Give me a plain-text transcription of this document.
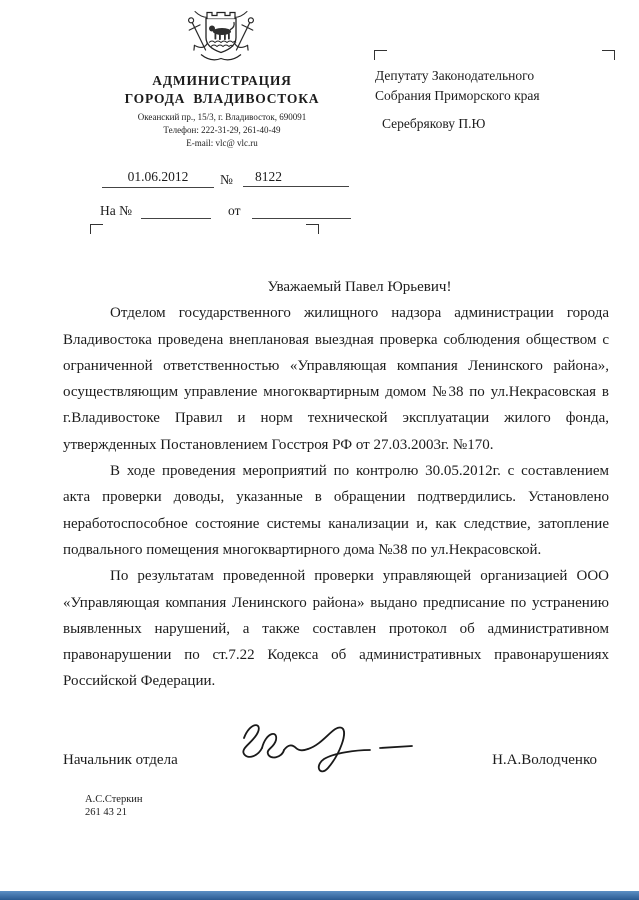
АДМИНИСТРАЦИЯ
ГОРОДА ВЛАДИВОСТОКА
Океанский пр., 15/3, г. Владивосток, 690091
Телефон: 222-31-29, 261-40-49
E-mail: vlc@ vlc.ru
Депутату Законодательного
Собрания Приморского края
Серебрякову П.Ю
01.06.2012	№	8122
На №	от

Уважаемый Павел Юрьевич!

Отделом государственного жилищного надзора администрации города Владивостока проведена внеплановая выездная проверка соблюдения обществом с ограниченной ответственностью «Управляющая компания Ленинского района», осуществляющим управление многоквартирным домом №38 по ул.Некрасовская в г.Владивостоке Правил и норм технической эксплуатации жилого фонда, утвержденных Постановлением Госстроя РФ от 27.03.2003г. №170.

В ходе проведения мероприятий по контролю 30.05.2012г. с составлением акта проверки доводы, указанные в обращении подтвердились. Установлено неработоспособное состояние системы канализации и, как следствие, затопление подвального помещения многоквартирного дома №38 по ул.Некрасовской.

По результатам проведенной проверки управляющей организацией ООО «Управляющая компания Ленинского района» выдано предписание по устранению выявленных нарушений, а также составлен протокол об административном правонарушении по ст.7.22 Кодекса об административных правонарушениях Российской Федерации.

Начальник отдела	Н.А.Володченко
А.С.Стеркин
261 43 21
